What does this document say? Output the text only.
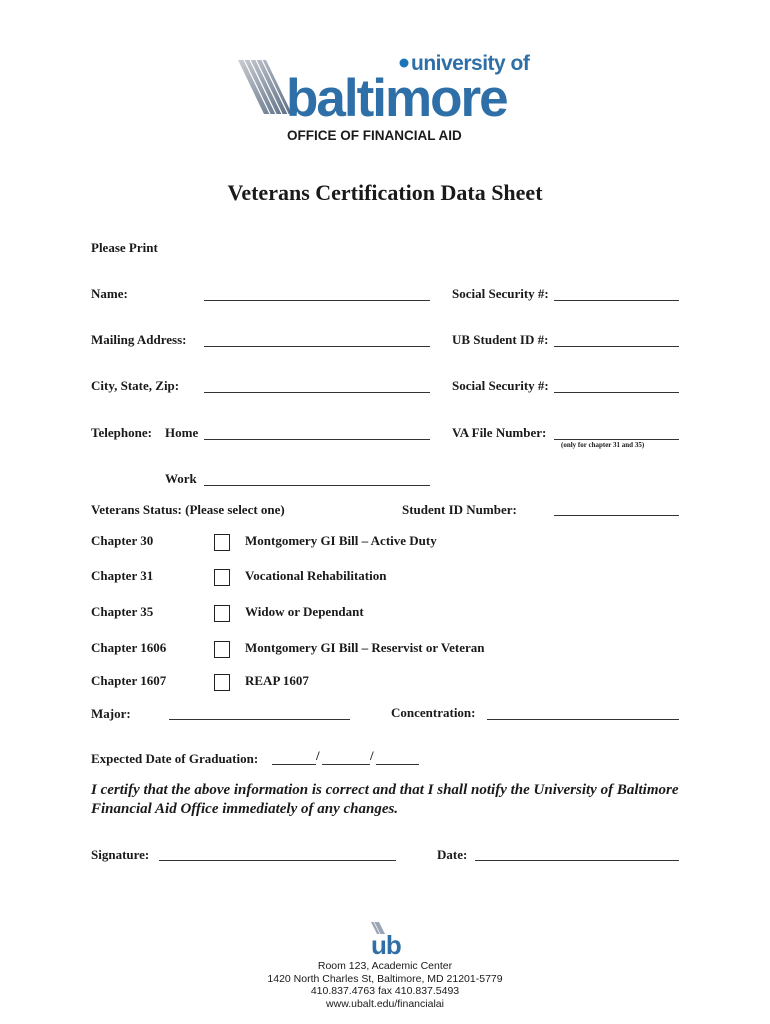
university of
baltimore
OFFICE OF FINANCIAL AID
Veterans Certification Data Sheet
Please Print
Name:	Social Security #:
Mailing Address:	UB Student ID #:
City, State, Zip:	Social Security #:
Telephone: Home	VA File Number:
(only for chapter 31 and 35)
Work
Veterans Status: (Please select one)	Student ID Number:
Chapter 30	Montgomery GI Bill – Active Duty
Chapter 31	Vocational Rehabilitation
Chapter 35	Widow or Dependant
Chapter 1606	Montgomery GI Bill – Reservist or Veteran
Chapter 1607	REAP 1607
Major:	Concentration:
Expected Date of Graduation:	/	/
I certify that the above information is correct and that I shall notify the University of Baltimore Financial Aid Office immediately of any changes.
Signature:	Date:
ub
Room 123, Academic Center
1420 North Charles St, Baltimore, MD 21201-5779
410.837.4763 fax 410.837.5493
www.ubalt.edu/financialai
